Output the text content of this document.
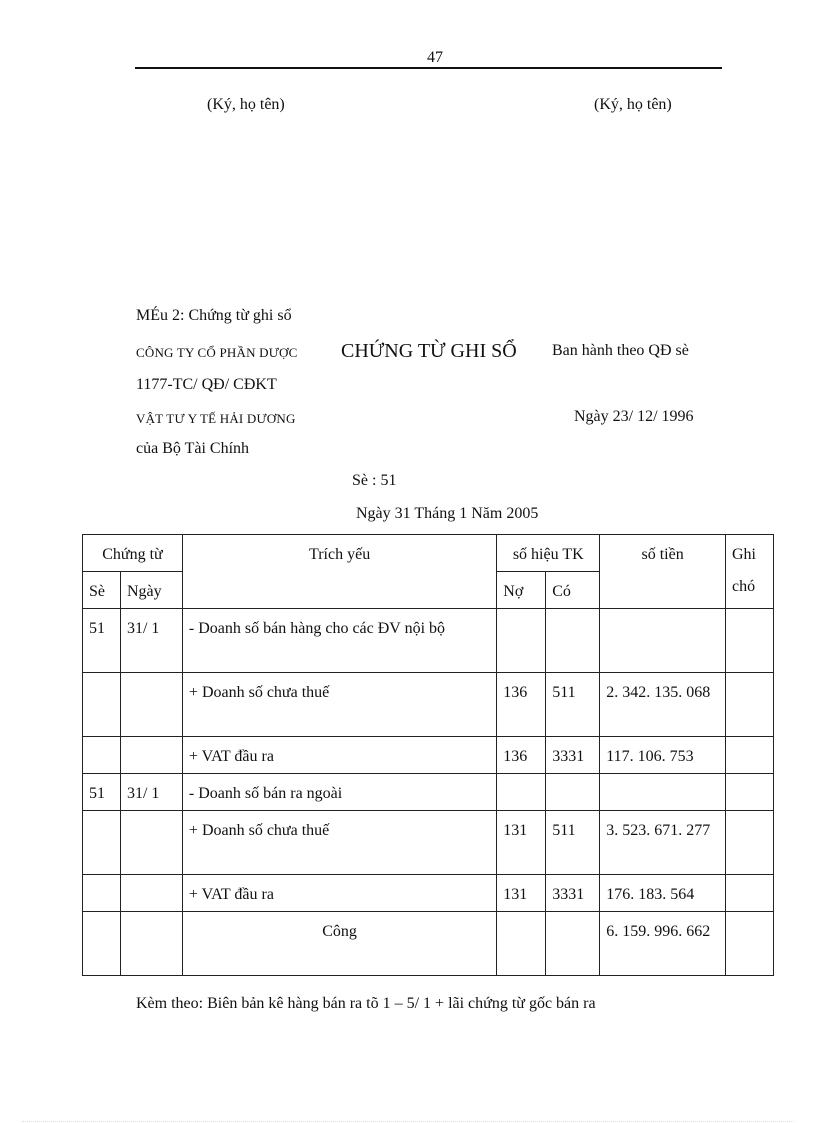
47
(Ký, họ tên)	(Ký, họ tên)
MÉu 2: Chứng từ ghi sổ
CÔNG TY CỔ PHẦN DƯỢC CHỨNG TỪ GHI SỔ Ban hành theo QĐ sè
1177-TC/ QĐ/ CĐKT
VẬT TƯ Y TẾ HẢI DƯƠNG	Ngày 23/ 12/ 1996
của Bộ Tài Chính
Sè : 51
Ngày 31 Tháng 1 Năm 2005
Chứng từ		Trích yếu	số hiệu TK		số tiền	Ghi
chó
Sè	Ngày		Nợ	Có		
51	31/ 1	- Doanh số bán hàng cho các ĐV nội bộ				
		+ Doanh số chưa thuế	136	511	2. 342. 135. 068	
		+ VAT đầu ra	136	3331	117. 106. 753	
51	31/ 1	- Doanh số bán ra ngoài				
		+ Doanh số chưa thuế	131	511	3. 523. 671. 277	
		+ VAT đầu ra	131	3331	176. 183. 564	
		Công			6. 159. 996. 662	
Kèm theo: Biên bản kê hàng bán ra tõ 1 – 5/ 1 + lãi chứng từ gốc bán ra
